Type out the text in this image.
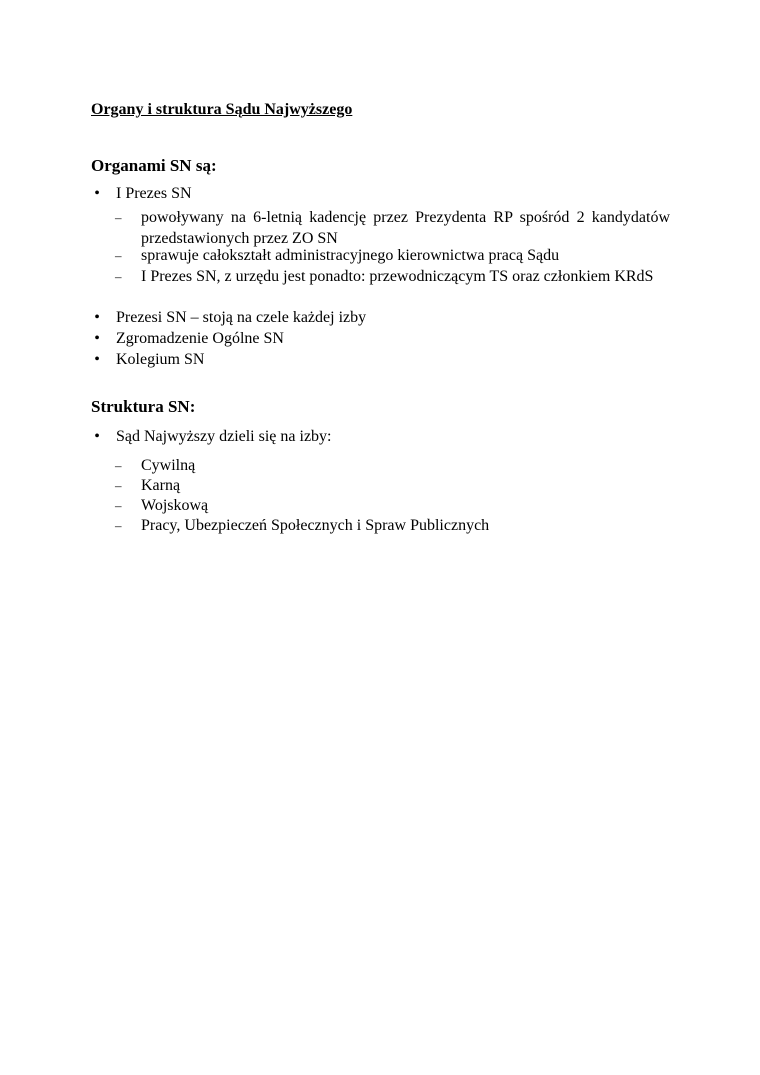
Organy i struktura Sądu Najwyższego
Organami SN są:
• I Prezes SN
– powoływany na 6-letnią kadencję przez Prezydenta RP spośród 2 kandydatów przedstawionych przez ZO SN
– sprawuje całokształt administracyjnego kierownictwa pracą Sądu
– I Prezes SN, z urzędu jest ponadto: przewodniczącym TS oraz członkiem KRdS
• Prezesi SN – stoją na czele każdej izby
• Zgromadzenie Ogólne SN
• Kolegium SN
Struktura SN:
• Sąd Najwyższy dzieli się na izby:
– Cywilną
– Karną
– Wojskową
– Pracy, Ubezpieczeń Społecznych i Spraw Publicznych
